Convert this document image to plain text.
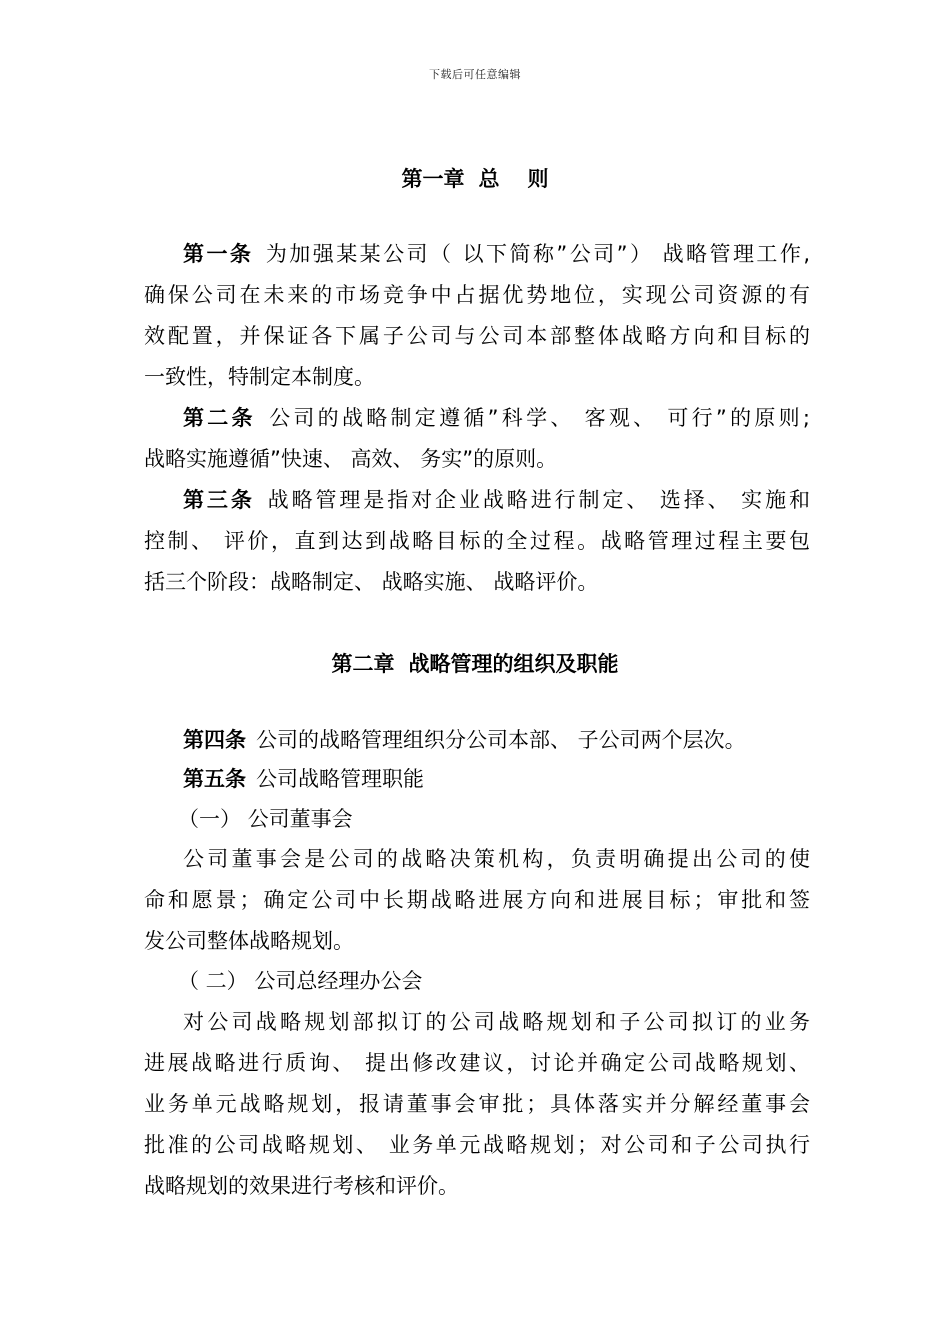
下载后可任意编辑
第一章 总 则
第一条 为加强某某公司（ 以下简称”公司”） 战略管理工作,
确保公司在未来的市场竞争中占据优势地位，实现公司资源的有
效配置，并保证各下属子公司与公司本部整体战略方向和目标的
一致性，特制定本制度。
第二条 公司的战略制定遵循”科学、 客观、 可行”的原则;
战略实施遵循”快速、 高效、 务实”的原则。
第三条 战略管理是指对企业战略进行制定、 选择、 实施和
控制、 评价，直到达到战略目标的全过程。战略管理过程主要包
括三个阶段：战略制定、 战略实施、 战略评价。
第二章 战略管理的组织及职能
第四条 公司的战略管理组织分公司本部、 子公司两个层次。
第五条 公司战略管理职能
（一） 公司董事会
公司董事会是公司的战略决策机构，负责明确提出公司的使
命和愿景；确定公司中长期战略进展方向和进展目标；审批和签
发公司整体战略规划。
（ 二） 公司总经理办公会
对公司战略规划部拟订的公司战略规划和子公司拟订的业务
进展战略进行质询、 提出修改建议，讨论并确定公司战略规划、
业务单元战略规划，报请董事会审批；具体落实并分解经董事会
批准的公司战略规划、 业务单元战略规划；对公司和子公司执行
战略规划的效果进行考核和评价。
